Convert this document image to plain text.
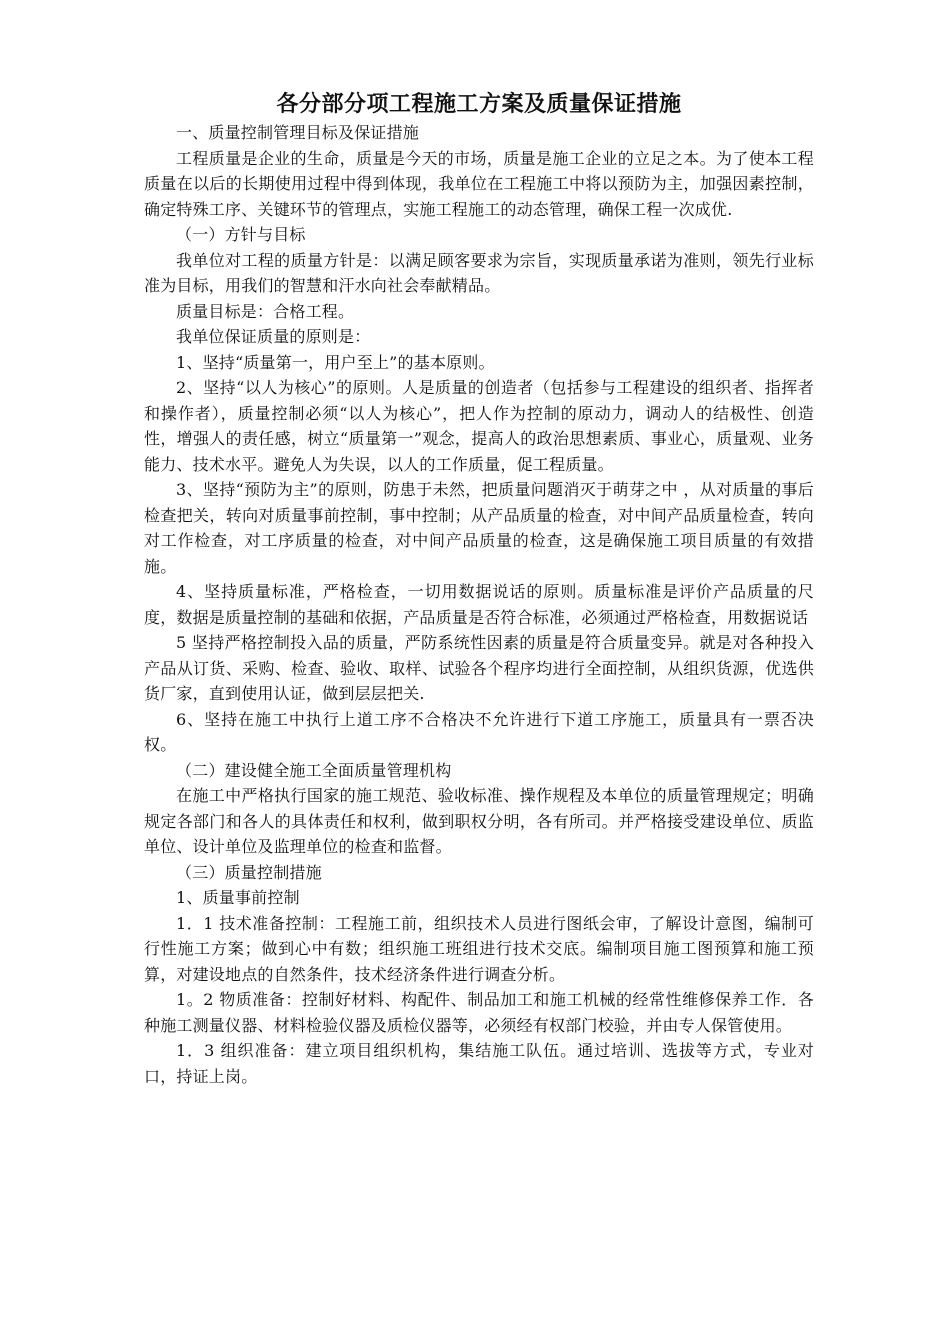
各分部分项工程施工方案及质量保证措施

一、质量控制管理目标及保证措施

工程质量是企业的生命，质量是今天的市场，质量是施工企业的立足之本。为了使本工程质量在以后的长期使用过程中得到体现，我单位在工程施工中将以预防为主，加强因素控制，确定特殊工序、关键环节的管理点，实施工程施工的动态管理，确保工程一次成优.

（一）方针与目标

我单位对工程的质量方针是：以满足顾客要求为宗旨，实现质量承诺为准则，领先行业标准为目标，用我们的智慧和汗水向社会奉献精品。

质量目标是：合格工程。

我单位保证质量的原则是：

1、坚持“质量第一，用户至上”的基本原则。

2、坚持“以人为核心”的原则。人是质量的创造者（包括参与工程建设的组织者、指挥者和操作者），质量控制必须“以人为核心”，把人作为控制的原动力，调动人的结极性、创造性，增强人的责任感，树立“质量第一”观念，提高人的政治思想素质、事业心，质量观、业务能力、技术水平。避免人为失误，以人的工作质量，促工程质量。

3、坚持“预防为主”的原则，防患于未然，把质量问题消灭于萌芽之中 ，从对质量的事后检查把关，转向对质量事前控制，事中控制；从产品质量的检查，对中间产品质量检查，转向对工作检查，对工序质量的检查，对中间产品质量的检查，这是确保施工项目质量的有效措施。

4、坚持质量标准，严格检查，一切用数据说话的原则。质量标准是评价产品质量的尺度，数据是质量控制的基础和依据，产品质量是否符合标准，必须通过严格检查，用数据说话

5 坚持严格控制投入品的质量，严防系统性因素的质量是符合质量变异。就是对各种投入产品从订货、采购、检查、验收、取样、试验各个程序均进行全面控制，从组织货源，优选供货厂家，直到使用认证，做到层层把关.

6、坚持在施工中执行上道工序不合格决不允许进行下道工序施工，质量具有一票否决权。

（二）建设健全施工全面质量管理机构

在施工中严格执行国家的施工规范、验收标准、操作规程及本单位的质量管理规定；明确规定各部门和各人的具体责任和权利，做到职权分明，各有所司。并严格接受建设单位、质监单位、设计单位及监理单位的检查和监督。

（三）质量控制措施

1、质量事前控制

1．1 技术准备控制：工程施工前，组织技术人员进行图纸会审，了解设计意图，编制可行性施工方案；做到心中有数；组织施工班组进行技术交底。编制项目施工图预算和施工预算，对建设地点的自然条件，技术经济条件进行调查分析。

1。2 物质准备：控制好材料、构配件、制品加工和施工机械的经常性维修保养工作．各种施工测量仪器、材料检验仪器及质检仪器等，必须经有权部门校验，并由专人保管使用。

1．3 组织准备：建立项目组织机构，集结施工队伍。通过培训、选拔等方式，专业对口，持证上岗。
